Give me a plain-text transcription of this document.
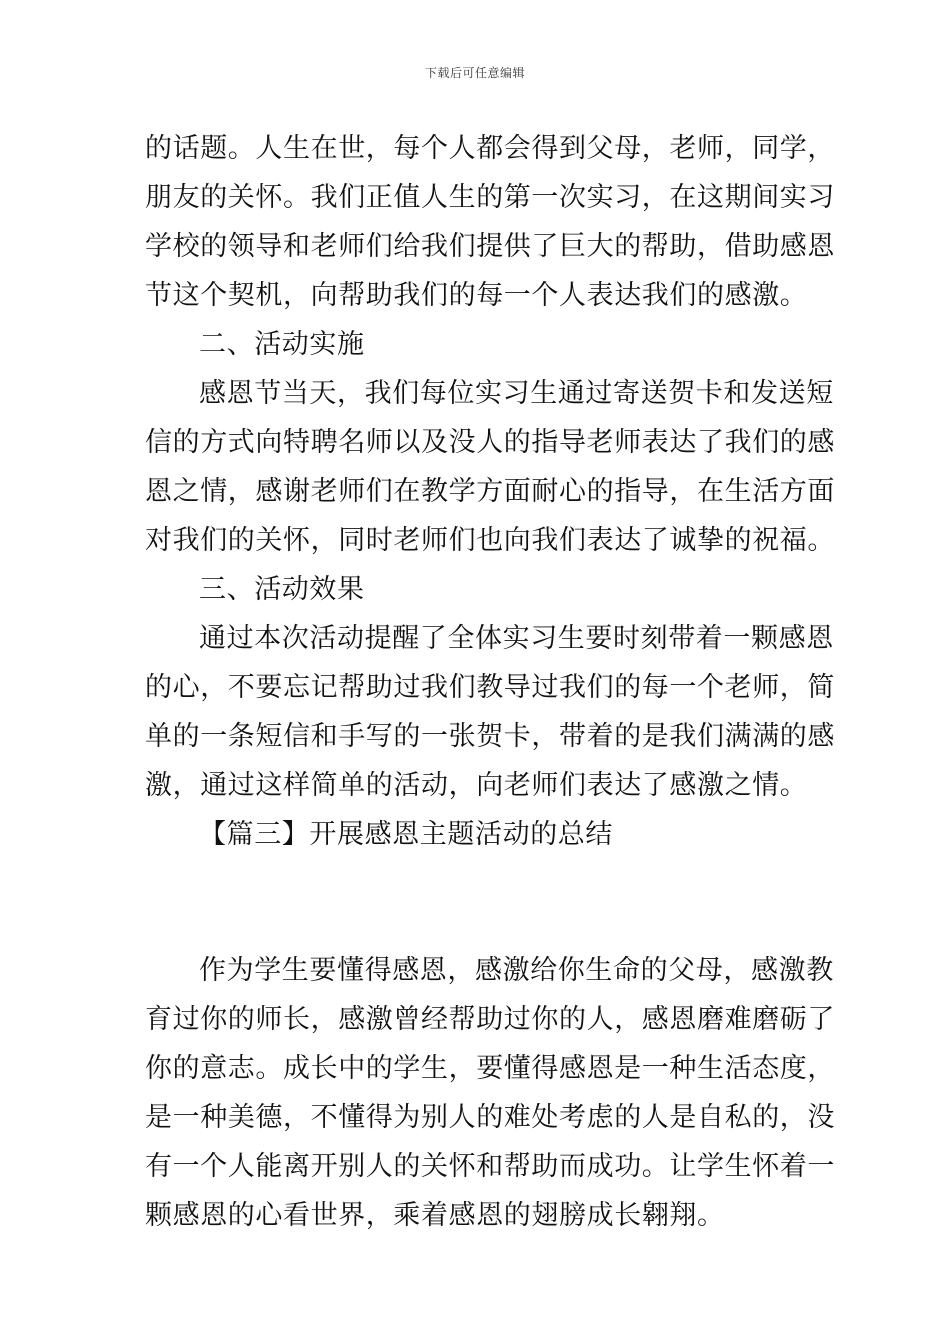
下载后可任意编辑
的话题。人生在世，每个人都会得到父母，老师，同学，
朋友的关怀。我们正值人生的第一次实习，在这期间实习
学校的领导和老师们给我们提供了巨大的帮助，借助感恩
节这个契机，向帮助我们的每一个人表达我们的感激。
二、活动实施
感恩节当天，我们每位实习生通过寄送贺卡和发送短
信的方式向特聘名师以及没人的指导老师表达了我们的感
恩之情，感谢老师们在教学方面耐心的指导，在生活方面
对我们的关怀，同时老师们也向我们表达了诚挚的祝福。
三、活动效果
通过本次活动提醒了全体实习生要时刻带着一颗感恩
的心，不要忘记帮助过我们教导过我们的每一个老师，简
单的一条短信和手写的一张贺卡，带着的是我们满满的感
激，通过这样简单的活动，向老师们表达了感激之情。
【篇三】开展感恩主题活动的总结
作为学生要懂得感恩，感激给你生命的父母，感激教
育过你的师长，感激曾经帮助过你的人，感恩磨难磨砺了
你的意志。成长中的学生，要懂得感恩是一种生活态度，
是一种美德，不懂得为别人的难处考虑的人是自私的，没
有一个人能离开别人的关怀和帮助而成功。让学生怀着一
颗感恩的心看世界，乘着感恩的翅膀成长翱翔。
